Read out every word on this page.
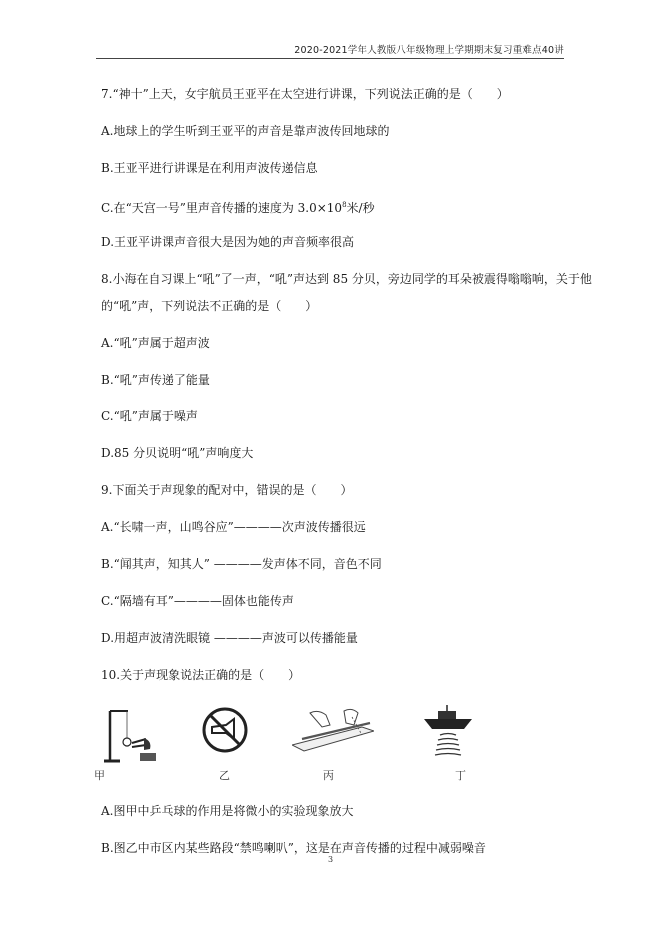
2020-2021学年人教版八年级物理上学期期末复习重难点40讲
7.“神十”上天，女宇航员王亚平在太空进行讲课，下列说法正确的是（　　）
A.地球上的学生听到王亚平的声音是靠声波传回地球的
B.王亚平进行讲课是在利用声波传递信息
C.在“天宫一号”里声音传播的速度为 $3.0\times 10^8$米/秒
D.王亚平讲课声音很大是因为她的声音频率很高
8.小海在自习课上“吼”了一声，“吼”声达到 85 分贝，旁边同学的耳朵被震得嗡嗡响，关于他
的“吼”声，下列说法不正确的是（　　）
A.“吼”声属于超声波
B.“吼”声传递了能量
C.“吼”声属于噪声
D.85 分贝说明“吼”声响度大
9.下面关于声现象的配对中，错误的是（　　）
A.“长啸一声，山鸣谷应”————次声波传播很远
B.“闻其声，知其人” ————发声体不同，音色不同
C.“隔墙有耳”————固体也能传声
D.用超声波清洗眼镜 ————声波可以传播能量
10.关于声现象说法正确的是（　　）
甲	乙	丙	丁
A.图甲中乒乓球的作用是将微小的实验现象放大
B.图乙中市区内某些路段“禁鸣喇叭”，这是在声音传播的过程中减弱噪音
3
